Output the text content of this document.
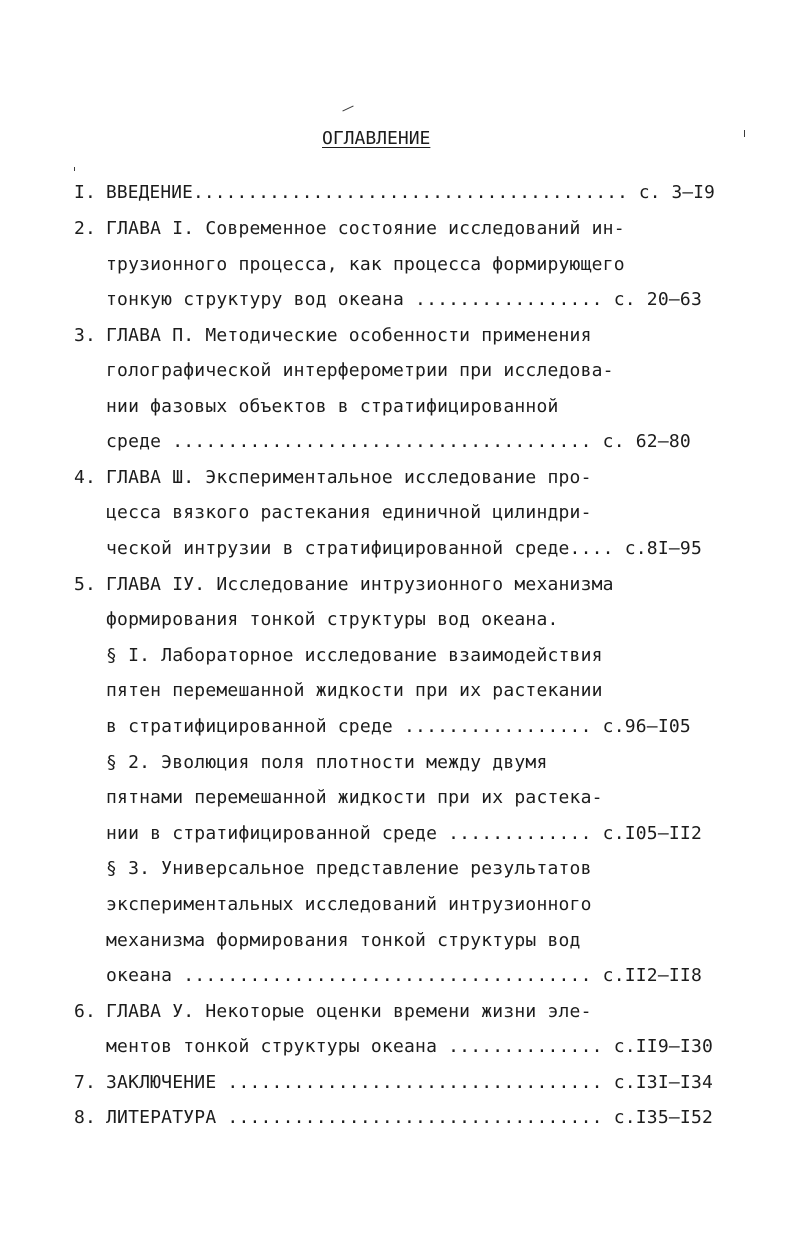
ОГЛАВЛЕНИЕ
I. ВВЕДЕНИЕ........................................ с. 3–I9
2. ГЛАВА I. Современное состояние исследований ин-
трузионного процесса, как процесса формирующего
тонкую структуру вод океана ................. с. 20–63
3. ГЛАВА П. Методические особенности применения
голографической интерферометрии при исследова-
нии фазовых объектов в стратифицированной
среде ...................................... с. 62–80
4. ГЛАВА Ш. Экспериментальное исследование про-
цесса вязкого растекания единичной цилиндри-
ческой интрузии в стратифицированной среде.... с.8I–95
5. ГЛАВА IУ. Исследование интрузионного механизма
формирования тонкой структуры вод океана.
§ I. Лабораторное исследование взаимодействия
пятен перемешанной жидкости при их растекании
в стратифицированной среде ................. с.96–I05
§ 2. Эволюция поля плотности между двумя
пятнами перемешанной жидкости при их растека-
нии в стратифицированной среде ............. с.I05–II2
§ 3. Универсальное представление результатов
экспериментальных исследований интрузионного
механизма формирования тонкой структуры вод
океана ..................................... с.II2–II8
6. ГЛАВА У. Некоторые оценки времени жизни эле-
ментов тонкой структуры океана .............. с.II9–I30
7. ЗАКЛЮЧЕНИЕ .................................. с.I3I–I34
8. ЛИТЕРАТУРА .................................. с.I35–I52
